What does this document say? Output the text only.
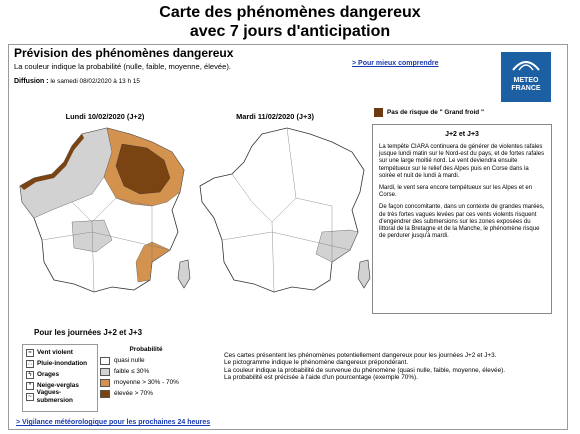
Carte des phénomènes dangereux
avec 7 jours d'anticipation
Prévision des phénomènes dangereux
La couleur indique la probabilité (nulle, faible, moyenne, élevée).
Diffusion : le samedi 08/02/2020 à 13 h 15
> Pour mieux comprendre
METEO
FRANCE
Lundi 10/02/2020 (J+2)	Mardi 11/02/2020 (J+3)	Pas de risque de " Grand froid "
J+2 et J+3

La tempête CIARA continuera de générer de violentes rafales jusque lundi matin sur le Nord-est du pays, et de fortes rafales sur une large moitié nord. Le vent deviendra ensuite tempétueux sur le relief des Alpes puis en Corse dans la soirée et nuit de lundi à mardi.

Mardi, le vent sera encore tempétueux sur les Alpes et en Corse.

De façon concomitante, dans un contexte de grandes marées, de très fortes vagues levées par ces vents violents risquent d'engendrer des submersions sur les zones exposées du littoral de la Bretagne et de la Manche, le phénomène risque de perdurer jusqu'à mardi.

Pour les journées J+2 et J+3
≈ Vent violent
∴ Pluie-inondation
ϟ Orages
* Neige-verglas
~
Vagues-submersion
Probabilité
quasi nulle
faible ≤ 30%
moyenne > 30% - 70%
élevée > 70%
Ces cartes présentent les phénomènes potentiellement dangereux pour les journées J+2 et J+3.
Le pictogramme indique le phénomène dangereux prépondérant.
La couleur indique la probabilité de survenue du phénomène (quasi nulle, faible, moyenne, élevée).
La probabilité est précisée à l'aide d'un pourcentage (exemple 70%).
> Vigilance météorologique pour les prochaines 24 heures
